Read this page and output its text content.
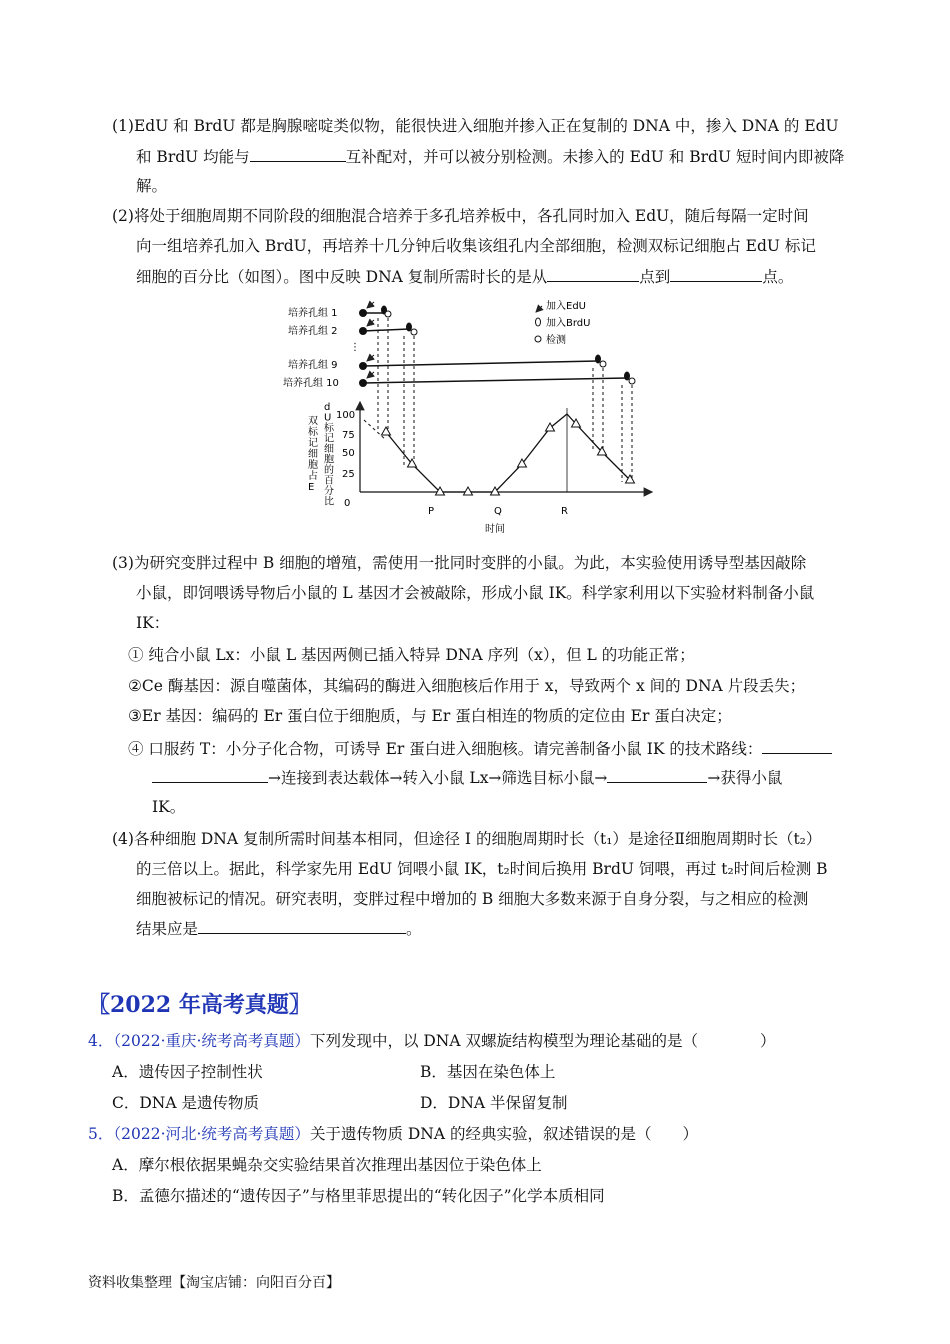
(1)EdU 和 BrdU 都是胸腺嘧啶类似物，能很快进入细胞并掺入正在复制的 DNA 中，掺入 DNA 的 EdU
和 BrdU 均能与	互补配对，并可以被分别检测。未掺入的 EdU 和 BrdU 短时间内即被降
解。
(2)将处于细胞周期不同阶段的细胞混合培养于多孔培养板中，各孔同时加入 EdU，随后每隔一定时间
向一组培养孔加入 BrdU，再培养十几分钟后收集该组孔内全部细胞，检测双标记细胞占 EdU 标记
细胞的百分比（如图）。图中反映 DNA 复制所需时长的是从	点到	点。
培养孔组 1
培养孔组 2
⋮
培养孔组 9
培养孔组 10
加入EdU
加入BrdU
检测
d U 标记细胞的百分比双标记细胞占 E
100
75
50
25
0
P	Q	R
时间
(3)为研究变胖过程中 B 细胞的增殖，需使用一批同时变胖的小鼠。为此，本实验使用诱导型基因敲除
小鼠，即饲喂诱导物后小鼠的 L 基因才会被敲除，形成小鼠 IK。科学家利用以下实验材料制备小鼠
IK：
① 纯合小鼠 Lx：小鼠 L 基因两侧已插入特异 DNA 序列（x），但 L 的功能正常；
②Ce 酶基因：源自噬菌体，其编码的酶进入细胞核后作用于 x，导致两个 x 间的 DNA 片段丢失；
③Er 基因：编码的 Er 蛋白位于细胞质，与 Er 蛋白相连的物质的定位由 Er 蛋白决定；
④ 口服药 T：小分子化合物，可诱导 Er 蛋白进入细胞核。请完善制备小鼠 IK 的技术路线：
→连接到表达载体→转入小鼠 Lx→筛选目标小鼠→	→获得小鼠
IK。
(4)各种细胞 DNA 复制所需时间基本相同，但途径 I 的细胞周期时长（t₁）是途径Ⅱ细胞周期时长（t₂）
的三倍以上。据此，科学家先用 EdU 饲喂小鼠 IK，t₂时间后换用 BrdU 饲喂，再过 t₂时间后检测 B
细胞被标记的情况。研究表明，变胖过程中增加的 B 细胞大多数来源于自身分裂，与之相应的检测
结果应是	。
〖2022 年高考真题〗
4．（2022·重庆·统考高考真题）下列发现中，以 DNA 双螺旋结构模型为理论基础的是（　　　　）
A．遗传因子控制性状	B．基因在染色体上
C．DNA 是遗传物质	D．DNA 半保留复制
5．（2022·河北·统考高考真题）关于遗传物质 DNA 的经典实验，叙述错误的是（　　）
A．摩尔根依据果蝇杂交实验结果首次推理出基因位于染色体上
B．孟德尔描述的“遗传因子”与格里菲思提出的“转化因子”化学本质相同
资料收集整理【淘宝店铺：向阳百分百】
